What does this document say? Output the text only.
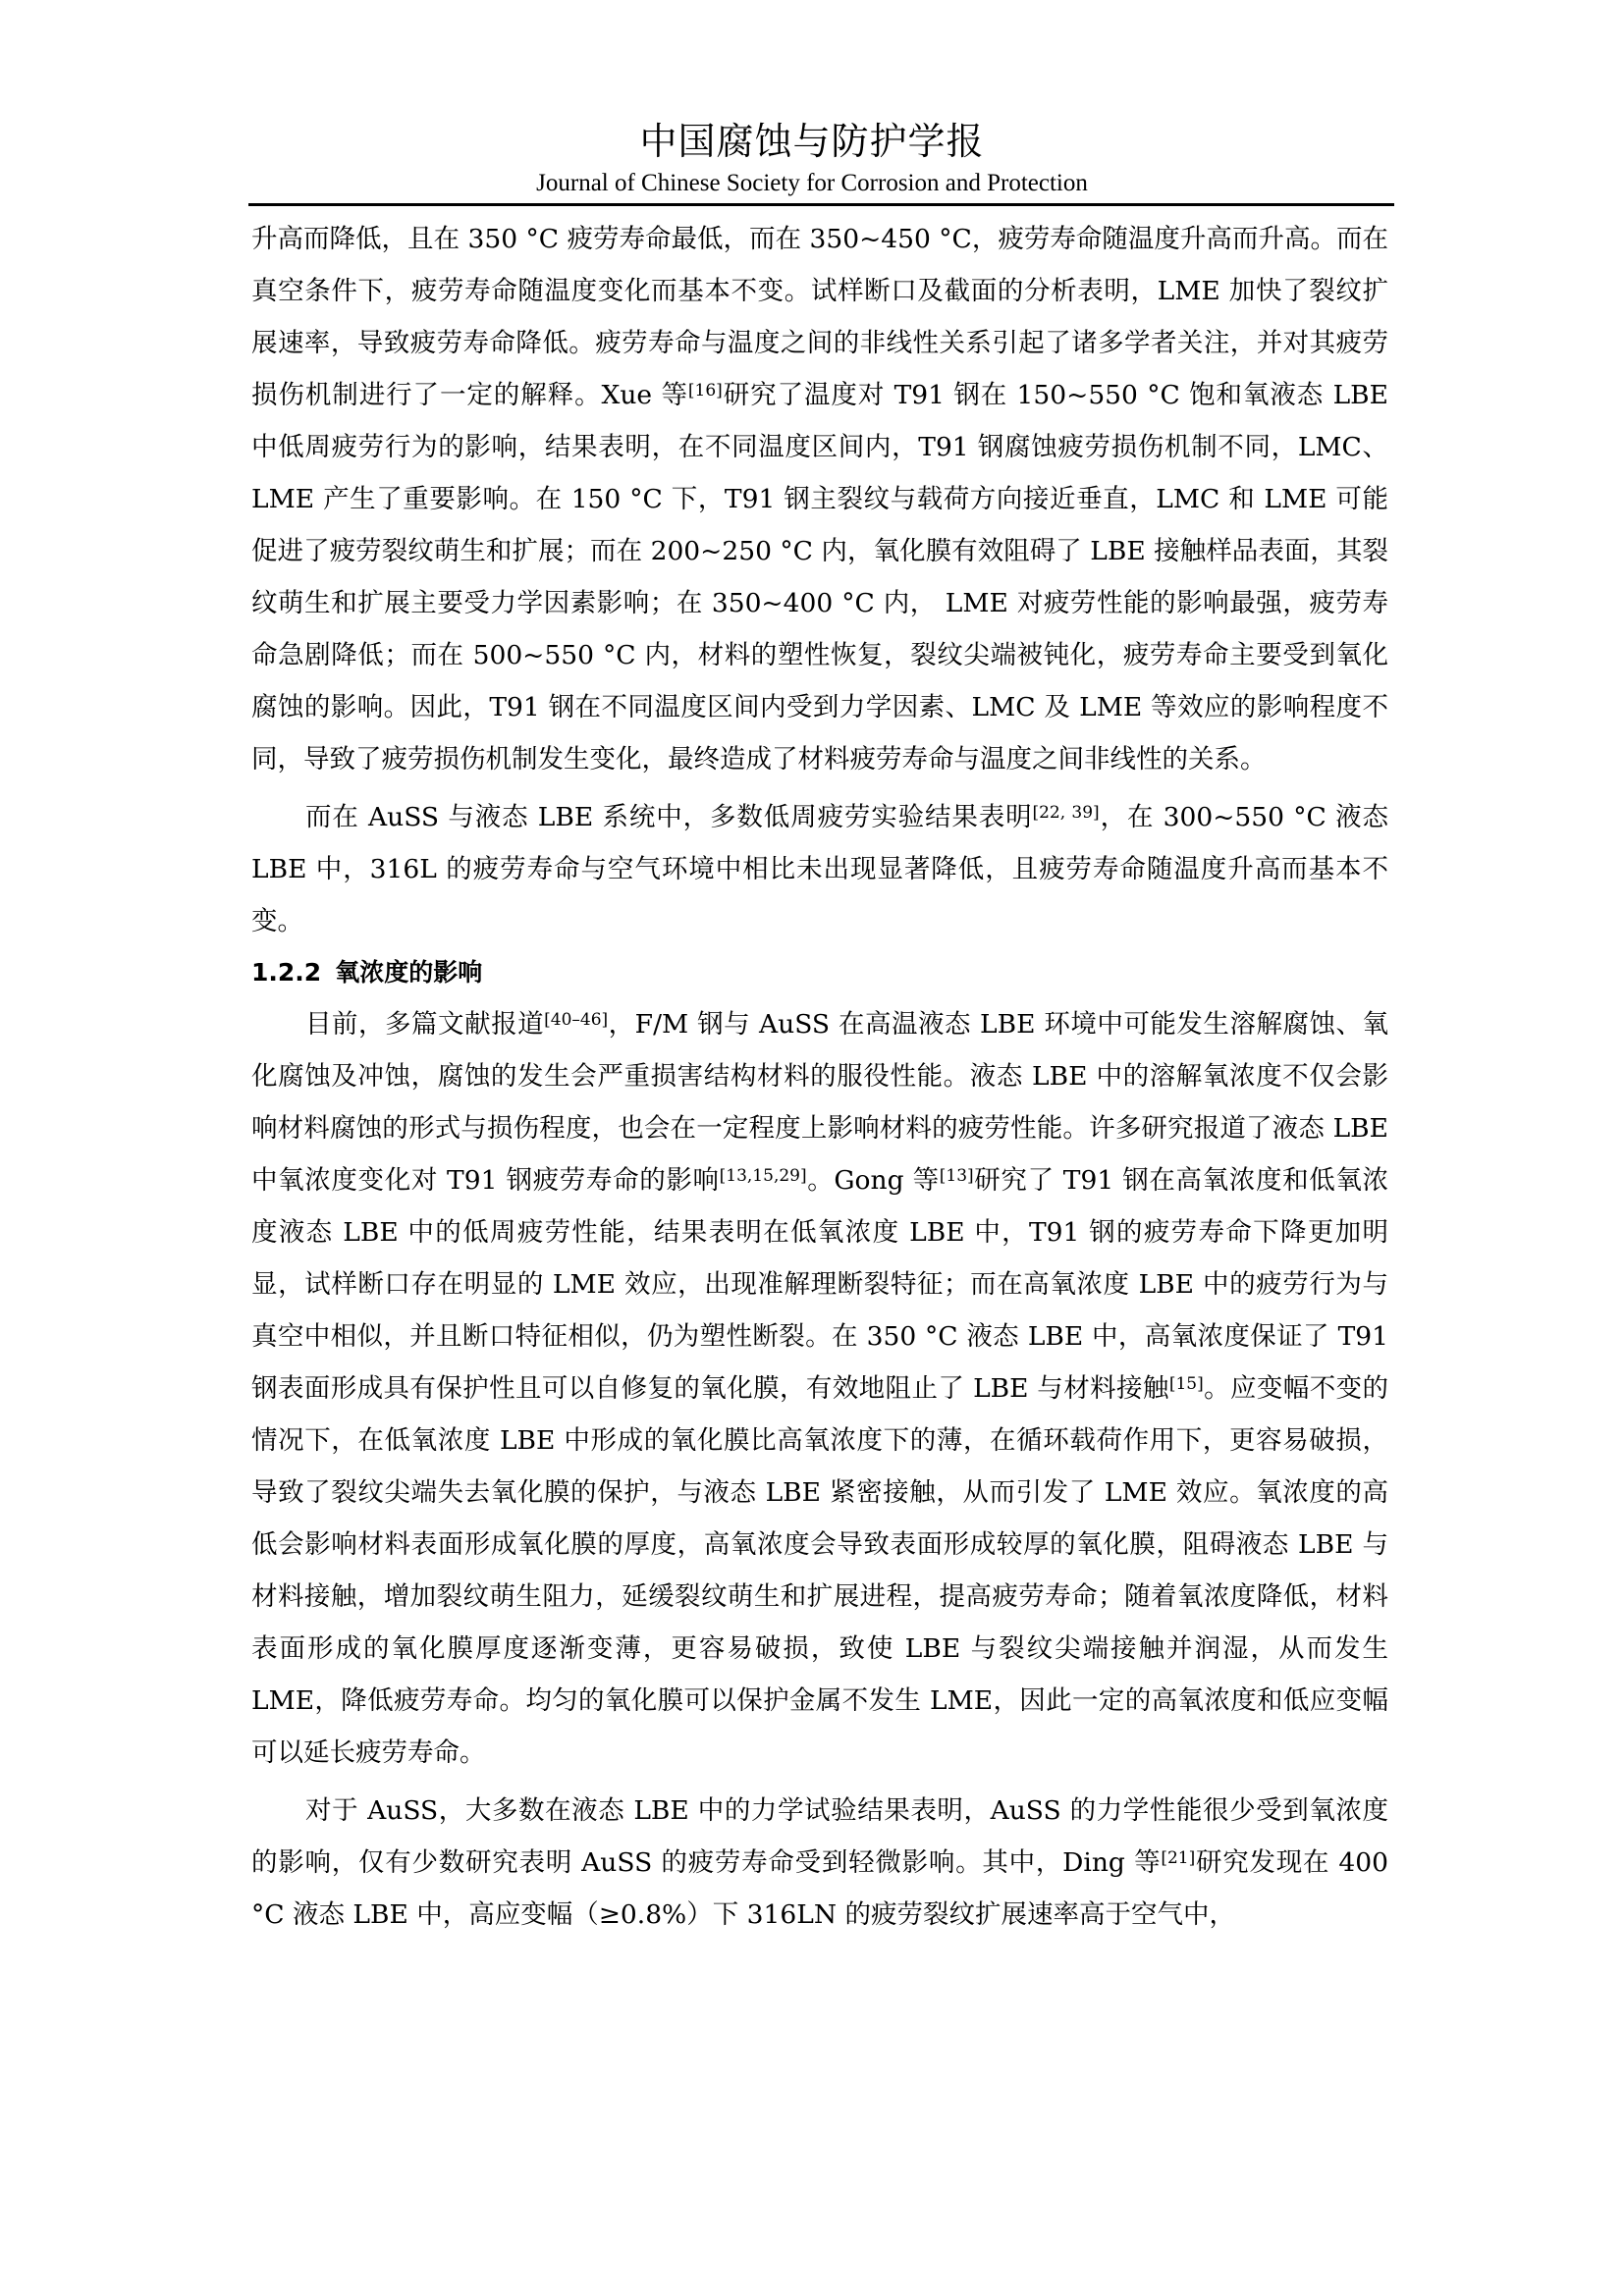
中国腐蚀与防护学报
Journal of Chinese Society for Corrosion and Protection

升高而降低，且在 350 °C 疲劳寿命最低，而在 350~450 °C，疲劳寿命随温度升高而升高。而在真空条件下，疲劳寿命随温度变化而基本不变。试样断口及截面的分析表明，LME 加快了裂纹扩展速率，导致疲劳寿命降低。疲劳寿命与温度之间的非线性关系引起了诸多学者关注，并对其疲劳损伤机制进行了一定的解释。Xue 等[16]研究了温度对 T91 钢在 150~550 °C 饱和氧液态 LBE 中低周疲劳行为的影响，结果表明，在不同温度区间内，T91 钢腐蚀疲劳损伤机制不同，LMC、LME 产生了重要影响。在 150 °C 下，T91 钢主裂纹与载荷方向接近垂直，LMC 和 LME 可能促进了疲劳裂纹萌生和扩展；而在 200~250 °C 内，氧化膜有效阻碍了 LBE 接触样品表面，其裂纹萌生和扩展主要受力学因素影响；在 350~400 °C 内， LME 对疲劳性能的影响最强，疲劳寿命急剧降低；而在 500~550 °C 内，材料的塑性恢复，裂纹尖端被钝化，疲劳寿命主要受到氧化腐蚀的影响。因此，T91 钢在不同温度区间内受到力学因素、LMC 及 LME 等效应的影响程度不同，导致了疲劳损伤机制发生变化，最终造成了材料疲劳寿命与温度之间非线性的关系。

而在 AuSS 与液态 LBE 系统中，多数低周疲劳实验结果表明[22, 39]，在 300~550 °C 液态 LBE 中，316L 的疲劳寿命与空气环境中相比未出现显著降低，且疲劳寿命随温度升高而基本不变。

1.2.2 氧浓度的影响

目前，多篇文献报道[40–46]，F/M 钢与 AuSS 在高温液态 LBE 环境中可能发生溶解腐蚀、氧化腐蚀及冲蚀，腐蚀的发生会严重损害结构材料的服役性能。液态 LBE 中的溶解氧浓度不仅会影响材料腐蚀的形式与损伤程度，也会在一定程度上影响材料的疲劳性能。许多研究报道了液态 LBE 中氧浓度变化对 T91 钢疲劳寿命的影响[13,15,29]。Gong 等[13]研究了 T91 钢在高氧浓度和低氧浓度液态 LBE 中的低周疲劳性能，结果表明在低氧浓度 LBE 中，T91 钢的疲劳寿命下降更加明显，试样断口存在明显的 LME 效应，出现准解理断裂特征；而在高氧浓度 LBE 中的疲劳行为与真空中相似，并且断口特征相似，仍为塑性断裂。在 350 °C 液态 LBE 中，高氧浓度保证了 T91 钢表面形成具有保护性且可以自修复的氧化膜，有效地阻止了 LBE 与材料接触[15]。应变幅不变的情况下，在低氧浓度 LBE 中形成的氧化膜比高氧浓度下的薄，在循环载荷作用下，更容易破损，导致了裂纹尖端失去氧化膜的保护，与液态 LBE 紧密接触，从而引发了 LME 效应。氧浓度的高低会影响材料表面形成氧化膜的厚度，高氧浓度会导致表面形成较厚的氧化膜，阻碍液态 LBE 与材料接触，增加裂纹萌生阻力，延缓裂纹萌生和扩展进程，提高疲劳寿命；随着氧浓度降低，材料表面形成的氧化膜厚度逐渐变薄，更容易破损，致使 LBE 与裂纹尖端接触并润湿，从而发生 LME，降低疲劳寿命。均匀的氧化膜可以保护金属不发生 LME，因此一定的高氧浓度和低应变幅可以延长疲劳寿命。

对于 AuSS，大多数在液态 LBE 中的力学试验结果表明，AuSS 的力学性能很少受到氧浓度的影响，仅有少数研究表明 AuSS 的疲劳寿命受到轻微影响。其中，Ding 等[21]研究发现在 400 °C 液态 LBE 中，高应变幅（≥0.8%）下 316LN 的疲劳裂纹扩展速率高于空气中，
